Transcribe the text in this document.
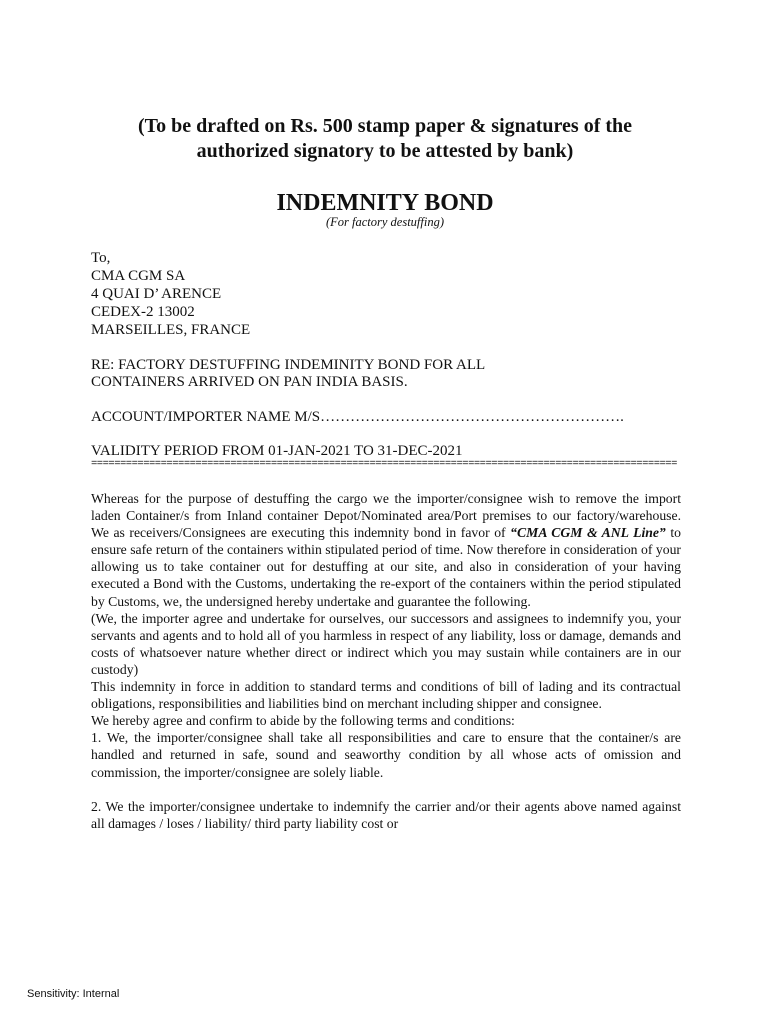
(To be drafted on Rs. 500 stamp paper & signatures of the
authorized signatory to be attested by bank)
INDEMNITY BOND
(For factory destuffing)
To,
CMA CGM SA
4 QUAI D’ ARENCE
CEDEX-2 13002
MARSEILLES, FRANCE
RE: FACTORY DESTUFFING INDEMINITY BOND FOR ALL
CONTAINERS ARRIVED ON PAN INDIA BASIS.
ACCOUNT/IMPORTER NAME M/S…………………………………………………….
VALIDITY PERIOD FROM 01-JAN-2021 TO 31-DEC-2021
=====================================================================================================

Whereas for the purpose of destuffing the cargo we the importer/consignee wish to remove the import laden Container/s from Inland container Depot/Nominated area/Port premises to our factory/warehouse. We as receivers/Consignees are executing this indemnity bond in favor of “CMA CGM & ANL Line” to ensure safe return of the containers within stipulated period of time. Now therefore in consideration of your allowing us to take container out for destuffing at our site, and also in consideration of your having executed a Bond with the Customs, undertaking the re-export of the containers within the period stipulated by Customs, we, the undersigned hereby undertake and guarantee the following.

(We, the importer agree and undertake for ourselves, our successors and assignees to indemnify you, your servants and agents and to hold all of you harmless in respect of any liability, loss or damage, demands and costs of whatsoever nature whether direct or indirect which you may sustain while containers are in our custody)

This indemnity in force in addition to standard terms and conditions of bill of lading and its contractual obligations, responsibilities and liabilities bind on merchant including shipper and consignee.

We hereby agree and confirm to abide by the following terms and conditions:

1. We, the importer/consignee shall take all responsibilities and care to ensure that the container/s are handled and returned in safe, sound and seaworthy condition by all whose acts of omission and commission, the importer/consignee are solely liable.

2. We the importer/consignee undertake to indemnify the carrier and/or their agents above named against all damages / loses / liability/ third party liability cost or

Sensitivity: Internal
